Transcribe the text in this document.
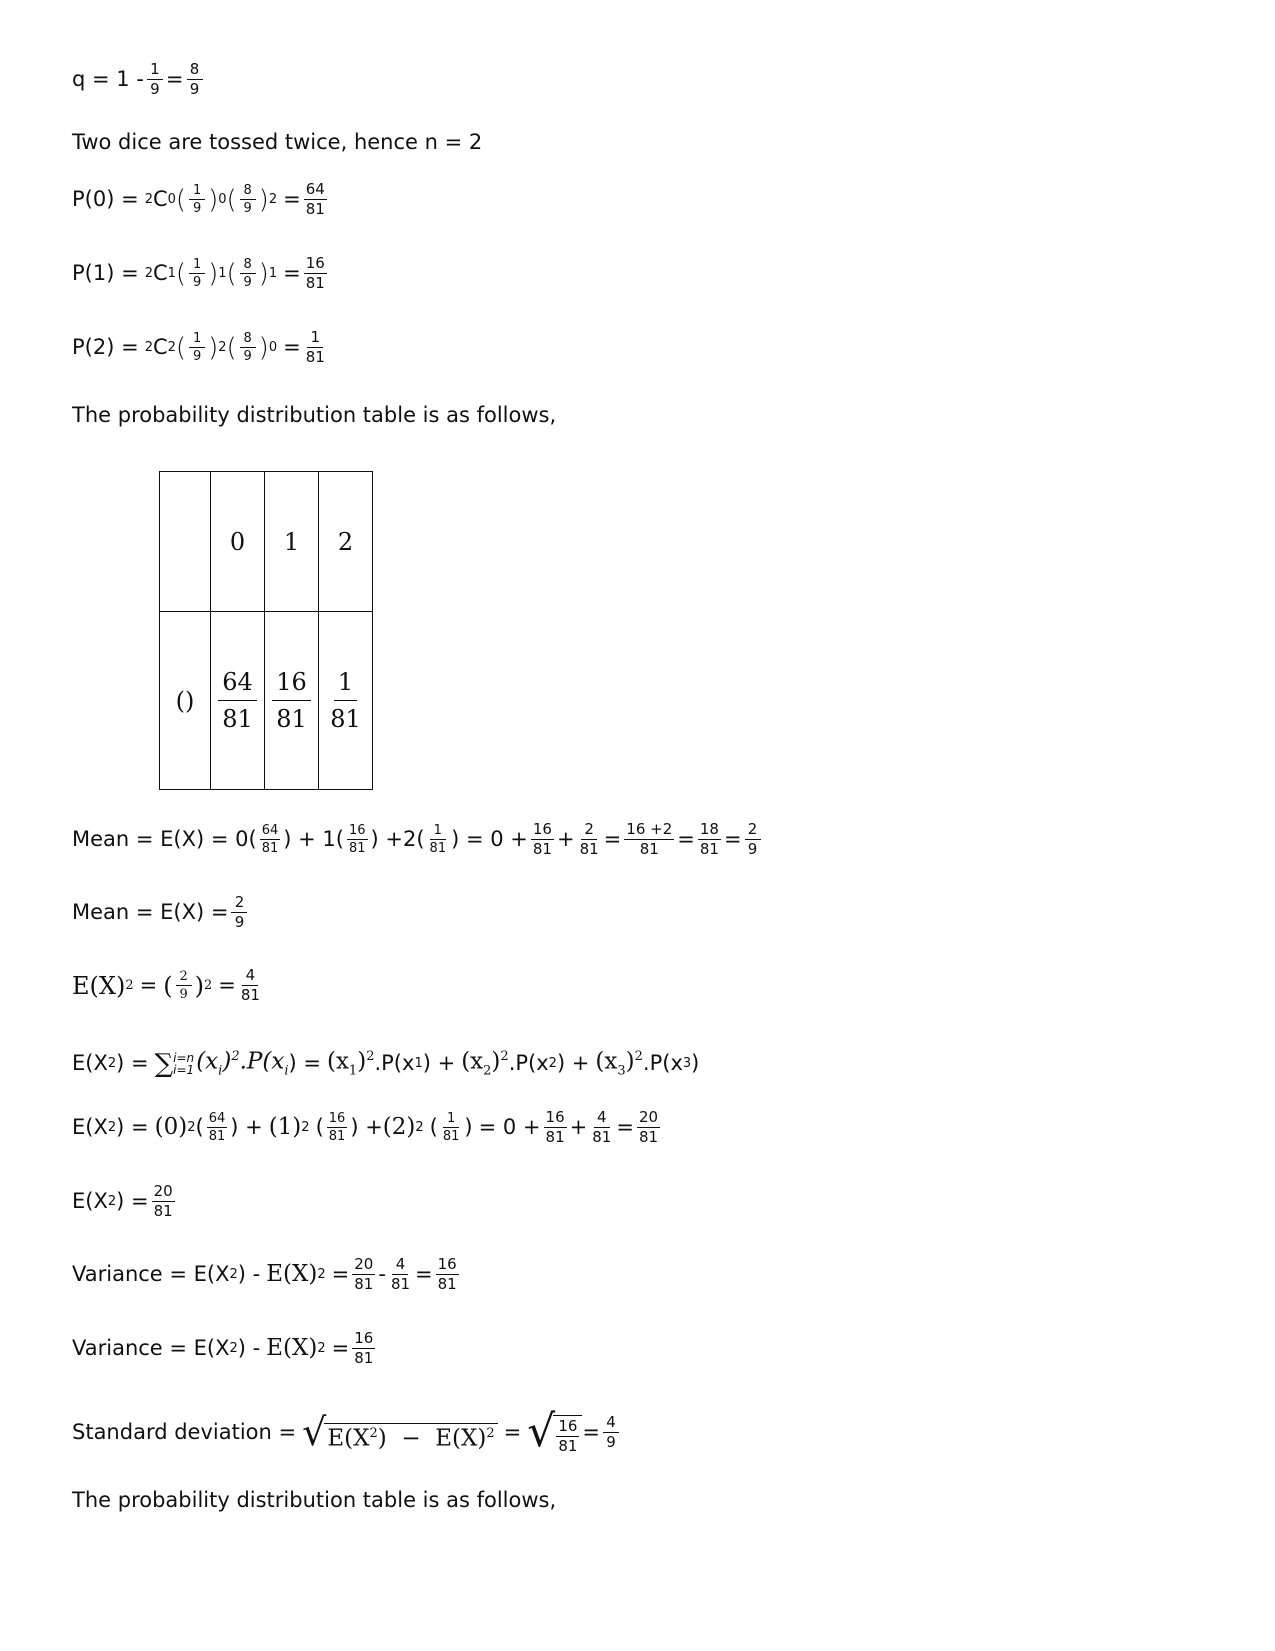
$q = 1 - \frac{1}{9} = \frac{8}{9}$
Two dice are tossed twice, hence n = 2
P(0) = 2 C 0 ( $\frac{1}{9}$ ) 0 ( $\frac{8}{9}$ ) $2 = \frac{64}{81}$
P(1) = 2 C 1 ( $\frac{1}{9}$ ) 1 ( $\frac{8}{9}$ ) $1 = \frac{16}{81}$
P(2) = 2 C 2 ( $\frac{1}{9}$ ) 2 ( $\frac{8}{9}$ ) $0 = \frac{1}{81}$
The probability distribution table is as follows,
	0	1	2
()	$\frac{64}{81}$	$\frac{16}{81}$	$\frac{1}{81}$
Mean = $E(X) = 0( \frac{64}{81}$ ) + $1( \frac{16}{81}$ ) $+2( \frac{1}{81}$ ) = $0 + \frac{16}{81} + \frac{2}{81} = \frac{16 +2}{81} = \frac{18}{81} = \frac{2}{9}$
Mean = $E(X) = \frac{2}{9}$
E(X) 2 = ( $\frac{2}{9}$ ) $2 = \frac{4}{81}$
E(X 2 ) = ∑ i=n
i=1 $(x_i)^2.P(x_i$ ) = $(x_1)^2$ .P(x 1 ) + $(x_2)^2$ .P(x 2 ) + $(x_3)^2$ .P(x 3 )
E(X 2 ) = (0) 2 ( $\frac{64}{81}$ ) + (1) 2 ( $\frac{16}{81}$ ) + (2) 2 ( $\frac{1}{81}$ ) = $0 + \frac{16}{81} + \frac{4}{81} = \frac{20}{81}$
E(X 2 ) = $\frac{20}{81}$
Variance = E(X 2 ) - E(X) $2 = \frac{20}{81} - \frac{4}{81} = \frac{16}{81}$
Variance = E(X 2 ) - E(X) $2 = \frac{16}{81}$
Standard deviation = √ $E(X^2) - E(X)^2$ = √ $\frac{16}{81} = \frac{4}{9}$
The probability distribution table is as follows,
